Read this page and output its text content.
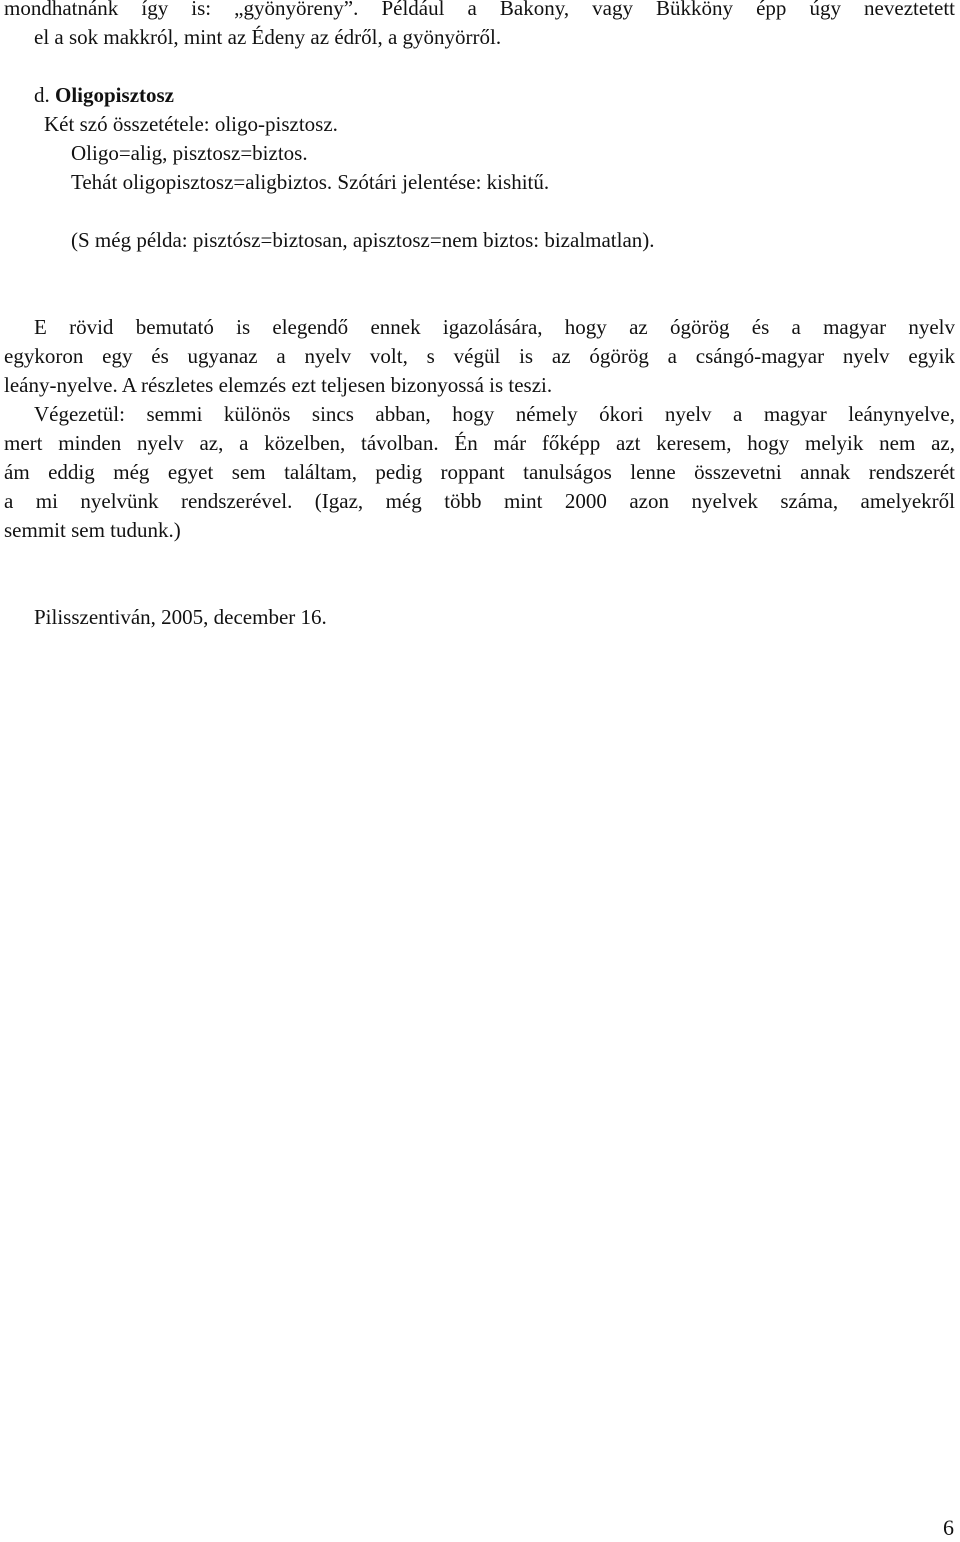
mondhatnánk így is: „gyönyöreny”. Például a Bakony, vagy Bükköny épp úgy neveztetett
el a sok makkról, mint az Édeny az édről, a gyönyörről.
d. Oligopisztosz
Két szó összetétele: oligo-pisztosz.
Oligo=alig, pisztosz=biztos.
Tehát oligopisztosz=aligbiztos. Szótári jelentése: kishitű.
(S még példa: pisztósz=biztosan, apisztosz=nem biztos: bizalmatlan).
E rövid bemutató is elegendő ennek igazolására, hogy az ógörög és a magyar nyelv
egykoron egy és ugyanaz a nyelv volt, s végül is az ógörög a csángó-magyar nyelv egyik
leány-nyelve. A részletes elemzés ezt teljesen bizonyossá is teszi.
Végezetül: semmi különös sincs abban, hogy némely ókori nyelv a magyar leánynyelve,
mert minden nyelv az, a közelben, távolban. Én már főképp azt keresem, hogy melyik nem az,
ám eddig még egyet sem találtam, pedig roppant tanulságos lenne összevetni annak rendszerét
a mi nyelvünk rendszerével. (Igaz, még több mint 2000 azon nyelvek száma, amelyekről
semmit sem tudunk.)
Pilisszentiván, 2005, december 16.
6
